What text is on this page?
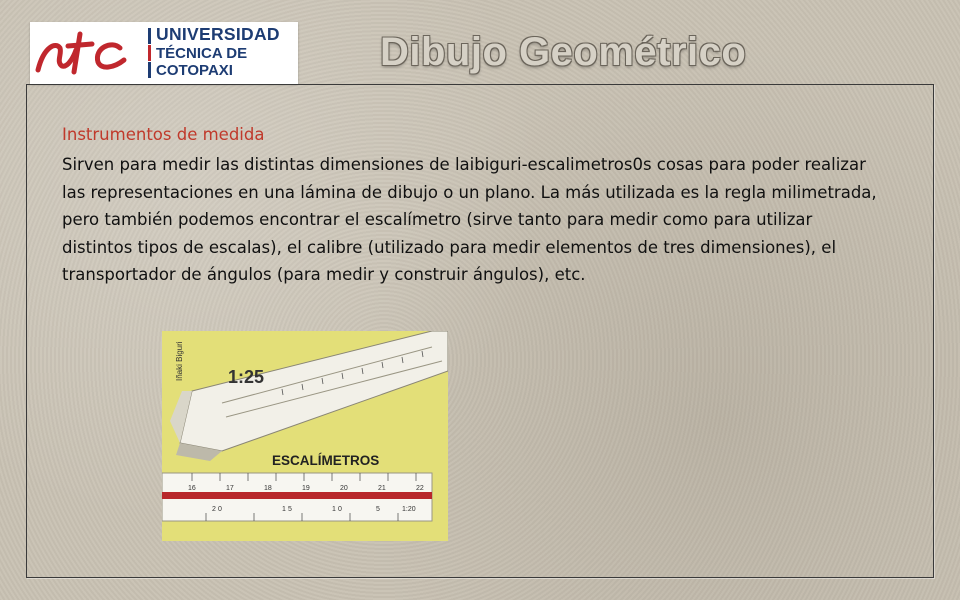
UNIVERSIDAD
TÉCNICA DE
COTOPAXI	Dibujo Geométrico
Instrumentos de medida

Sirven para medir las distintas dimensiones de laibiguri-escalimetros0s cosas para poder realizar las representaciones en una lámina de dibujo o un plano. La más utilizada es la regla milimetrada, pero también podemos encontrar el escalímetro (sirve tanto para medir como para utilizar distintos tipos de escalas), el calibre (utilizado para medir elementos de tres dimensiones), el transportador de ángulos (para medir y construir ángulos), etc.

1:25
Iñaki Biguri
ESCALÍMETROS
16	17	18	19	20	21	22
2 0	1 5	1 0	5	1:20
